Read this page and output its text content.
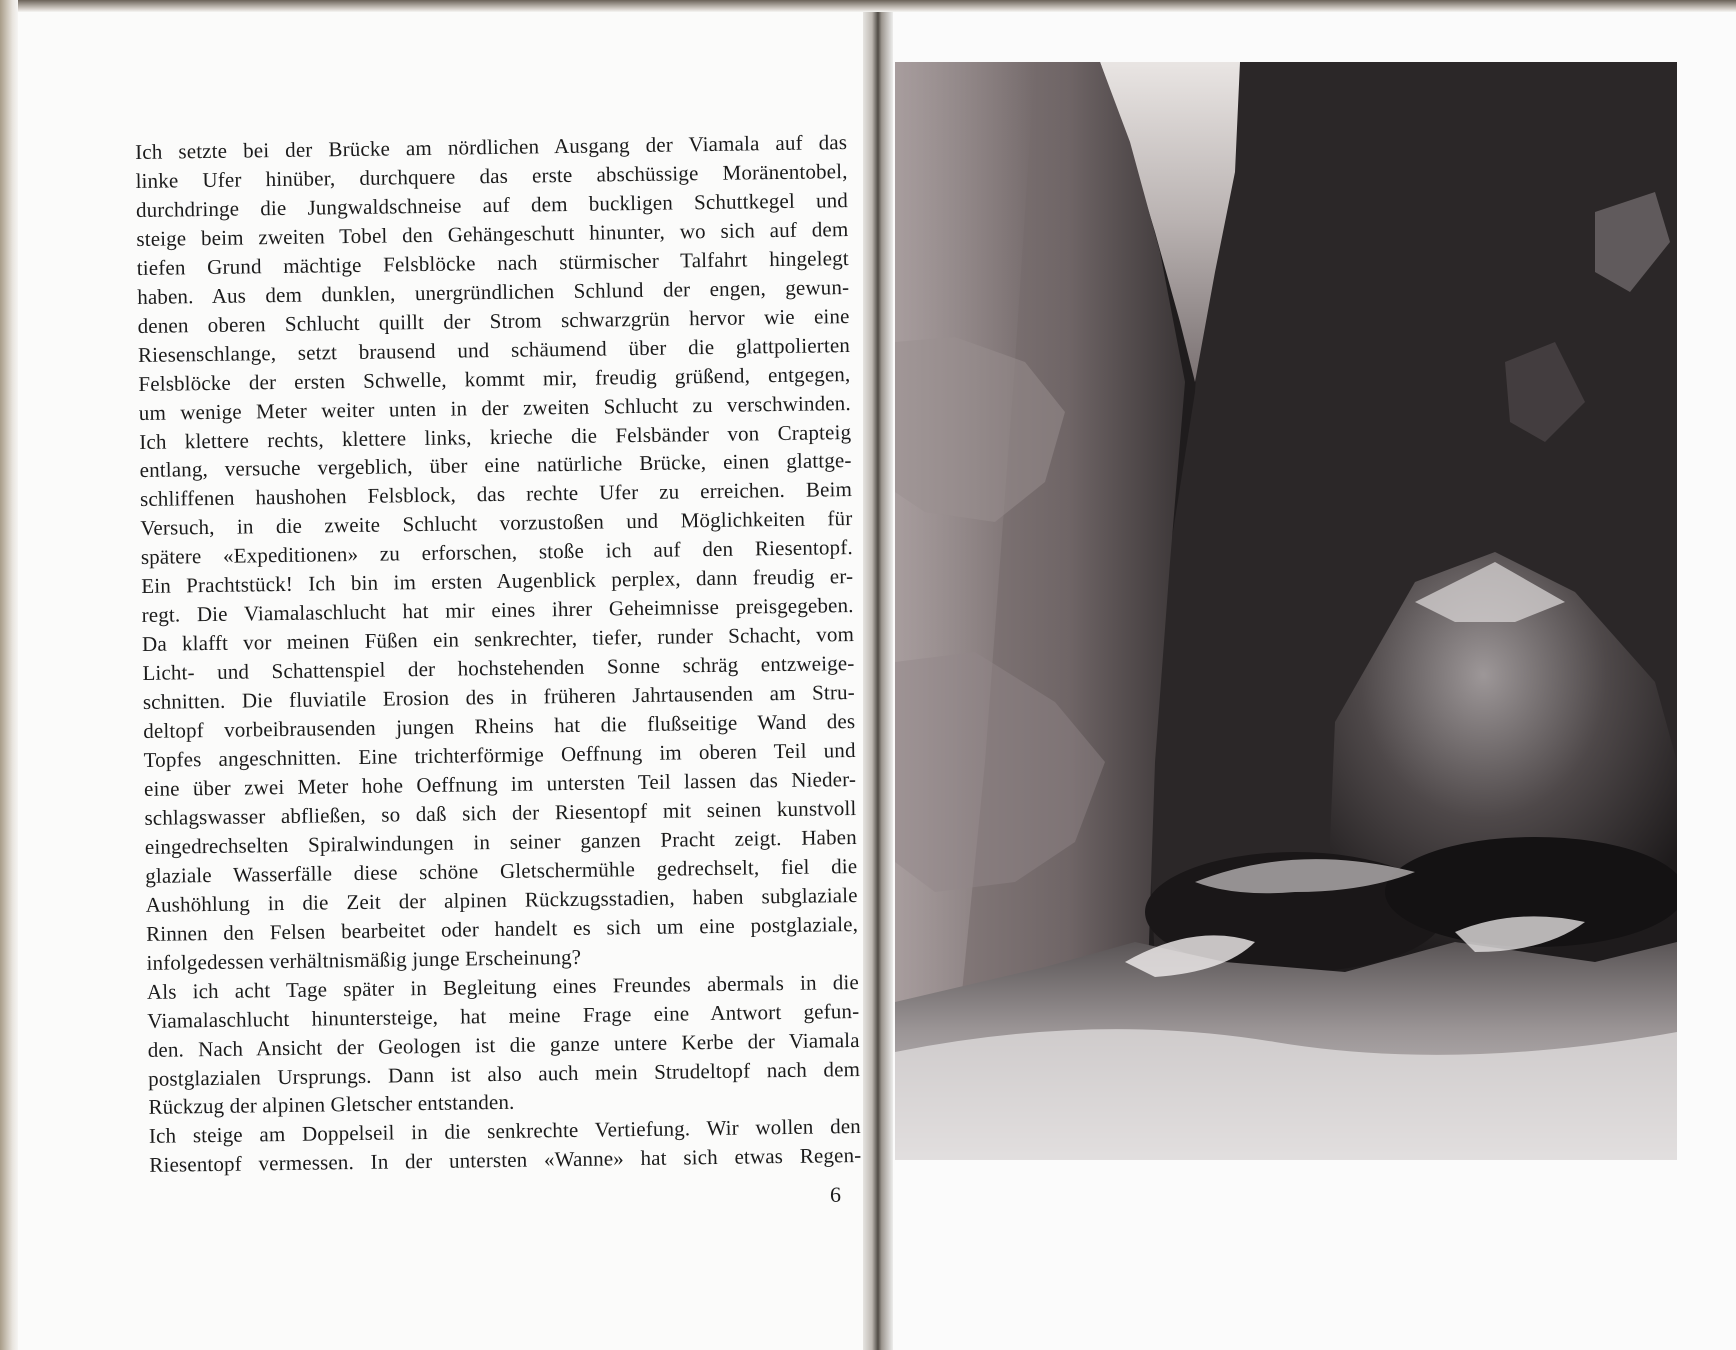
Ich setzte bei der Brücke am nördlichen Ausgang der Viamala auf das
linke Ufer hinüber, durchquere das erste abschüssige Moränentobel,
durchdringe die Jungwaldschneise auf dem buckligen Schuttkegel und
steige beim zweiten Tobel den Gehängeschutt hinunter, wo sich auf dem
tiefen Grund mächtige Felsblöcke nach stürmischer Talfahrt hingelegt
haben. Aus dem dunklen, unergründlichen Schlund der engen, gewun-
denen oberen Schlucht quillt der Strom schwarzgrün hervor wie eine
Riesenschlange, setzt brausend und schäumend über die glattpolierten
Felsblöcke der ersten Schwelle, kommt mir, freudig grüßend, entgegen,
um wenige Meter weiter unten in der zweiten Schlucht zu verschwinden.
Ich klettere rechts, klettere links, krieche die Felsbänder von Crapteig
entlang, versuche vergeblich, über eine natürliche Brücke, einen glattge-
schliffenen haushohen Felsblock, das rechte Ufer zu erreichen. Beim
Versuch, in die zweite Schlucht vorzustoßen und Möglichkeiten für
spätere «Expeditionen» zu erforschen, stoße ich auf den Riesentopf.
Ein Prachtstück! Ich bin im ersten Augenblick perplex, dann freudig er-
regt. Die Viamalaschlucht hat mir eines ihrer Geheimnisse preisgegeben.
Da klafft vor meinen Füßen ein senkrechter, tiefer, runder Schacht, vom
Licht- und Schattenspiel der hochstehenden Sonne schräg entzweige-
schnitten. Die fluviatile Erosion des in früheren Jahrtausenden am Stru-
deltopf vorbeibrausenden jungen Rheins hat die flußseitige Wand des
Topfes angeschnitten. Eine trichterförmige Oeffnung im oberen Teil und
eine über zwei Meter hohe Oeffnung im untersten Teil lassen das Nieder-
schlagswasser abfließen, so daß sich der Riesentopf mit seinen kunstvoll
eingedrechselten Spiralwindungen in seiner ganzen Pracht zeigt. Haben
glaziale Wasserfälle diese schöne Gletschermühle gedrechselt, fiel die
Aushöhlung in die Zeit der alpinen Rückzugsstadien, haben subglaziale
Rinnen den Felsen bearbeitet oder handelt es sich um eine postglaziale,
infolgedessen verhältnismäßig junge Erscheinung?
Als ich acht Tage später in Begleitung eines Freundes abermals in die
Viamalaschlucht hinuntersteige, hat meine Frage eine Antwort gefun-
den. Nach Ansicht der Geologen ist die ganze untere Kerbe der Viamala
postglazialen Ursprungs. Dann ist also auch mein Strudeltopf nach dem
Rückzug der alpinen Gletscher entstanden.
Ich steige am Doppelseil in die senkrechte Vertiefung. Wir wollen den
Riesentopf vermessen. In der untersten «Wanne» hat sich etwas Regen-
6
